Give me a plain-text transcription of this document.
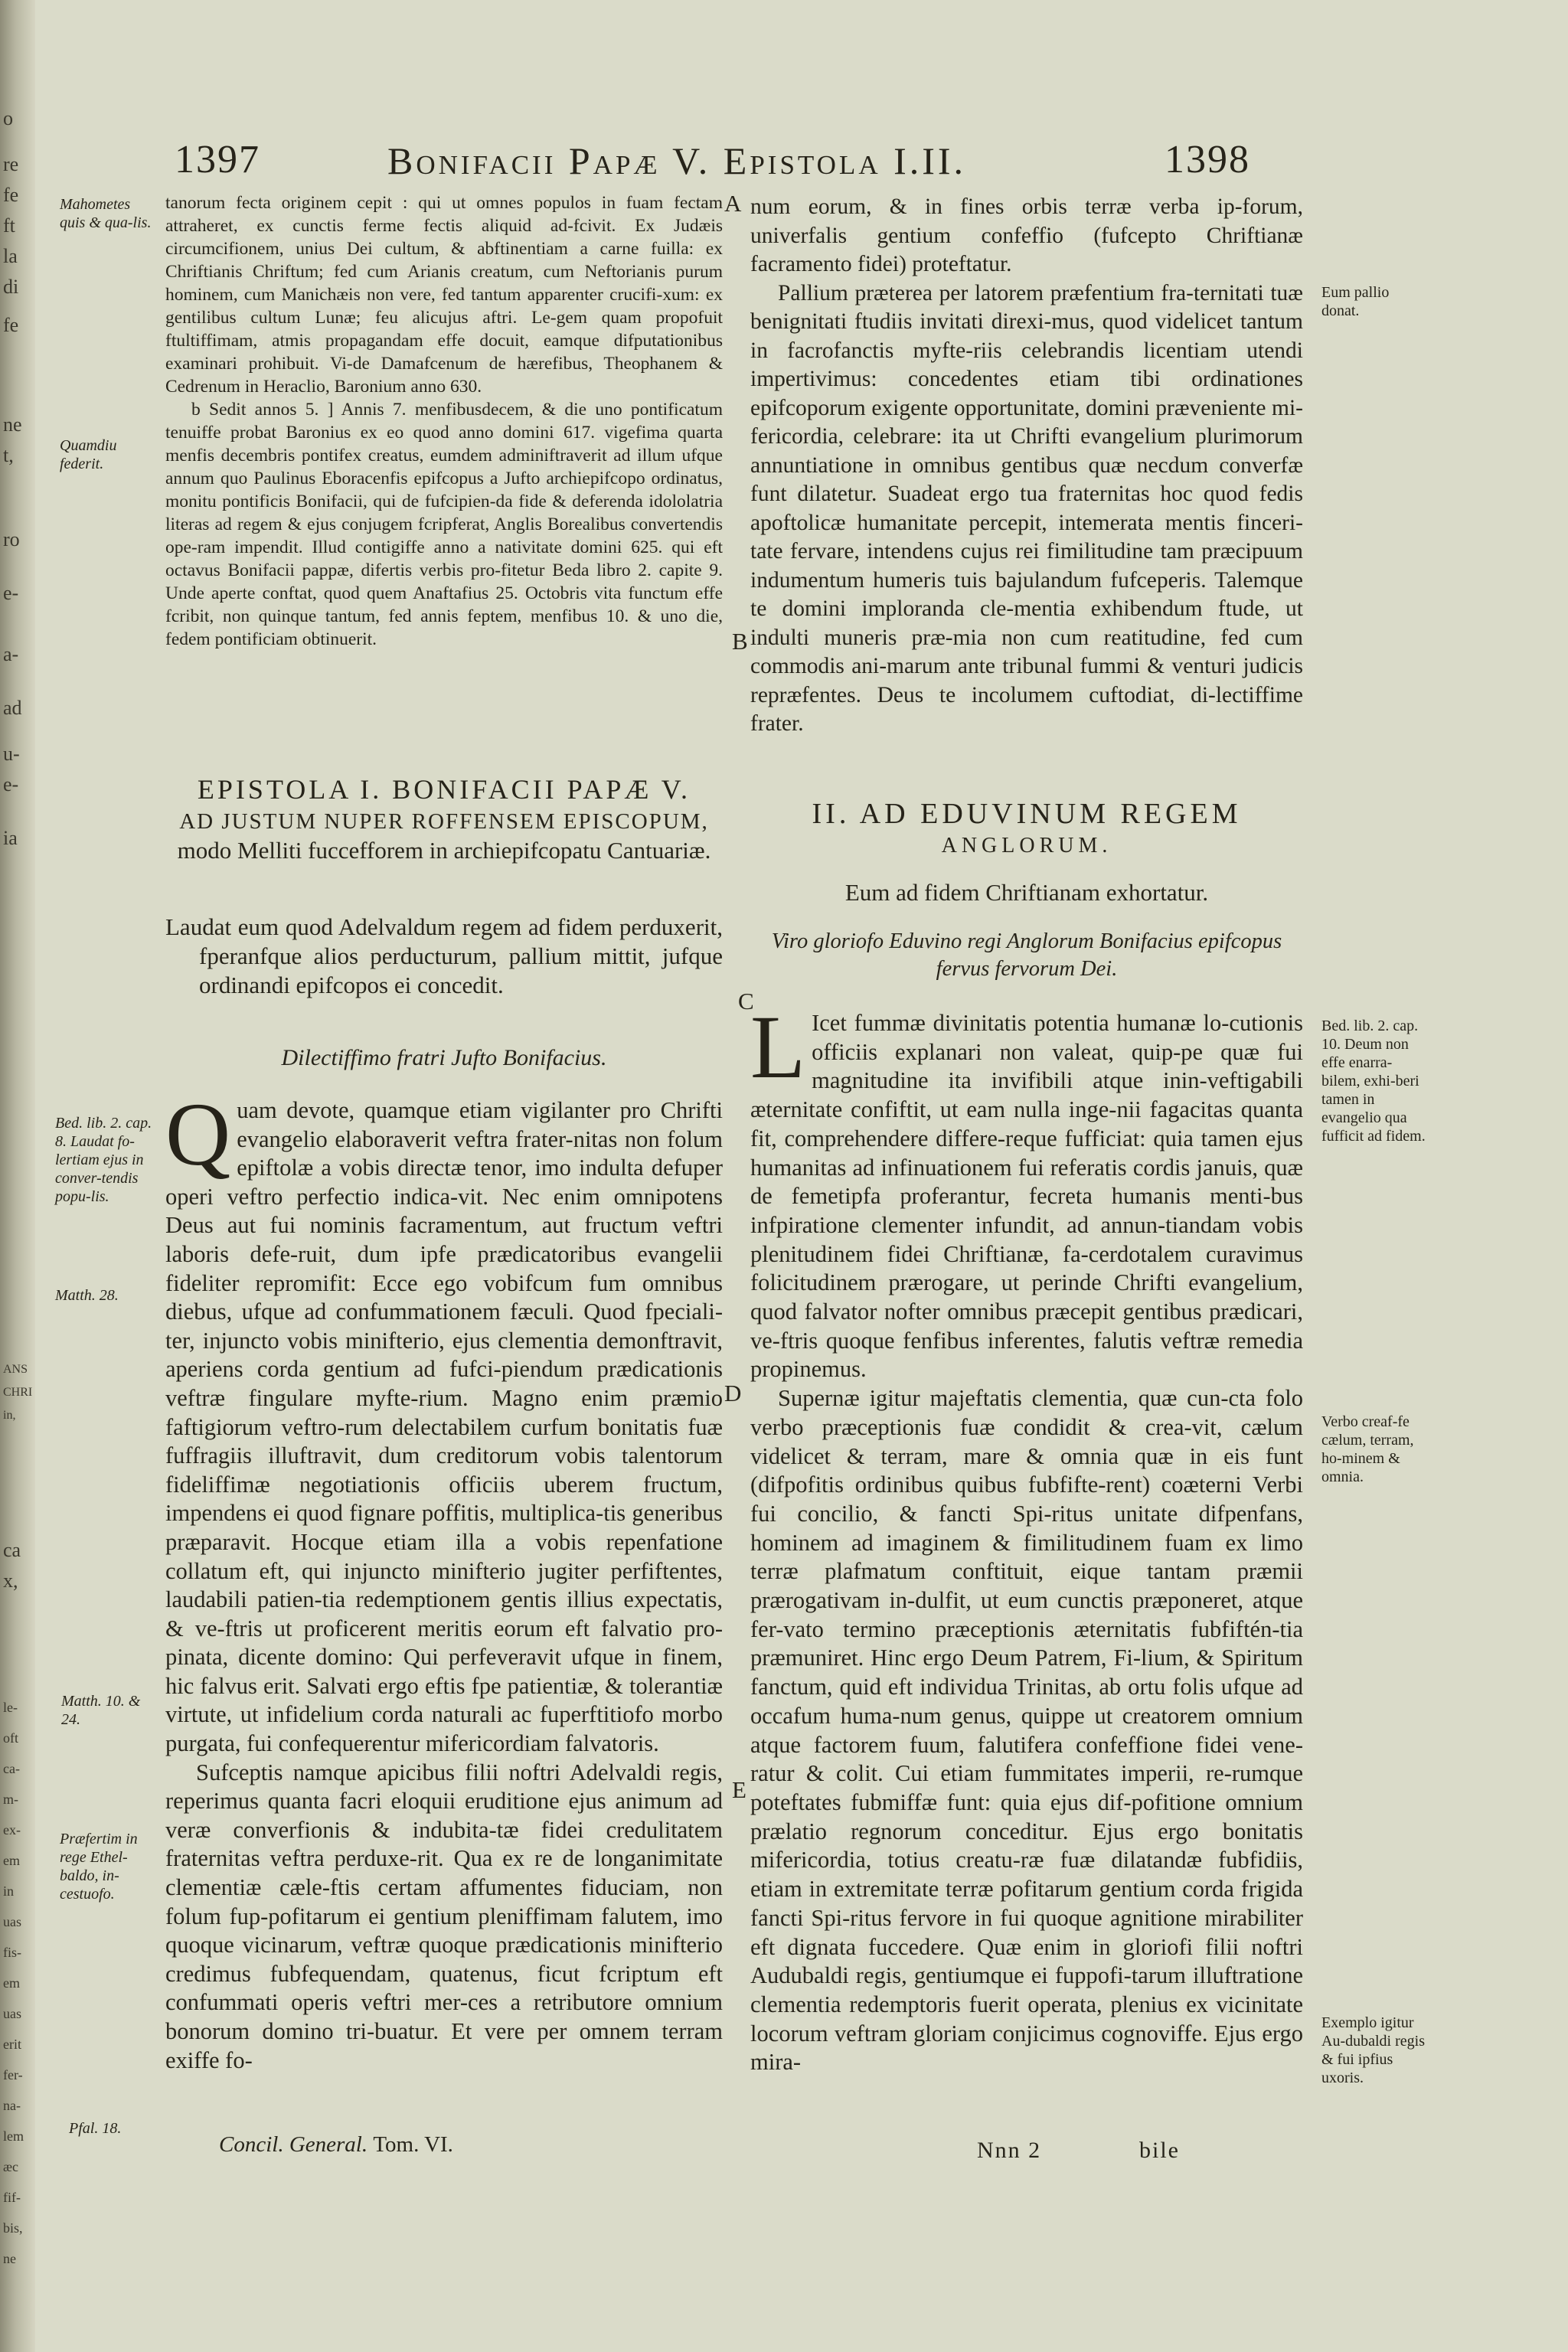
o
re
fe
ft
la
di
fe
ne
t,
ro
e-
a-
ad
u-
e-
ia
ANS
CHRI
in,
ca
x,
le-
oft
ca-
m-
ex-
em
in
uas
fis-
em
uas
erit
fer-
na-
lem
æc
fif-
bis,
ne
1397	Bonifacii Papæ V. Epistola I.II.	1398

tanorum fecta originem cepit : qui ut omnes populos in fuam fectam attraheret, ex cunctis ferme fectis aliquid ad-fcivit. Ex Judæis circumcifionem, unius Dei cultum, & abftinentiam a carne fuilla: ex Chriftianis Chriftum; fed cum Arianis creatum, cum Neftorianis purum hominem, cum Manichæis non vere, fed tantum apparenter crucifi-xum: ex gentilibus cultum Lunæ; feu alicujus aftri. Le-gem quam propofuit ftultiffimam, atmis propagandam effe docuit, eamque difputationibus examinari prohibuit. Vi-de Damafcenum de hærefibus, Theophanem & Cedrenum in Heraclio, Baronium anno 630.

b Sedit annos 5. ] Annis 7. menfibusdecem, & die uno pontificatum tenuiffe probat Baronius ex eo quod anno domini 617. vigefima quarta menfis decembris pontifex creatus, eumdem adminiftraverit ad illum ufque annum quo Paulinus Eboracenfis epifcopus a Jufto archiepifcopo ordinatus, monitu pontificis Bonifacii, qui de fufcipien-da fide & deferenda idololatria literas ad regem & ejus conjugem fcripferat, Anglis Borealibus convertendis ope-ram impendit. Illud contigiffe anno a nativitate domini 625. qui eft octavus Bonifacii pappæ, difertis verbis pro-fitetur Beda libro 2. capite 9. Unde aperte conftat, quod quem Anaftafius 25. Octobris vita functum effe fcribit, non quinque tantum, fed annis feptem, menfibus 10. & uno die, fedem pontificiam obtinuerit.

EPISTOLA I. BONIFACII PAPÆ V.
AD JUSTUM NUPER ROFFENSEM EPISCOPUM,
modo Melliti fuccefforem in archiepifcopatu Cantuariæ.
Laudat eum quod Adelvaldum regem ad fidem perduxerit, fperanfque alios perducturum, pallium mittit, jufque ordinandi epifcopos ei concedit.
Dilectiffimo fratri Jufto Bonifacius.

Q uam devote, quamque etiam vigilanter pro Chrifti evangelio elaboraverit veftra frater-nitas non folum epiftolæ a vobis directæ tenor, imo indulta defuper operi veftro perfectio indica-vit. Nec enim omnipotens Deus aut fui nominis facramentum, aut fructum veftri laboris defe-ruit, dum ipfe prædicatoribus evangelii fideliter repromifit: Ecce ego vobifcum fum omnibus diebus, ufque ad confummationem fæculi. Quod fpeciali-ter, injuncto vobis minifterio, ejus clementia demonftravit, aperiens corda gentium ad fufci-piendum prædicationis veftræ fingulare myfte-rium. Magno enim præmio faftigiorum veftro-rum delectabilem curfum bonitatis fuæ fuffragiis illuftravit, dum creditorum vobis talentorum fideliffimæ negotiationis officiis uberem fructum, impendens ei quod fignare poffitis, multiplica-tis generibus præparavit. Hocque etiam illa a vobis repenfatione collatum eft, qui injuncto minifterio jugiter perfiftentes, laudabili patien-tia redemptionem gentis illius expectatis, & ve-ftris ut proficerent meritis eorum eft falvatio pro-pinata, dicente domino: Qui perfeveravit ufque in finem, hic falvus erit. Salvati ergo eftis fpe patientiæ, & tolerantiæ virtute, ut infidelium corda naturali ac fuperftitiofo morbo purgata, fui confequerentur mifericordiam falvatoris.

Sufceptis namque apicibus filii noftri Adelvaldi regis, reperimus quanta facri eloquii eruditione ejus animum ad veræ converfionis & indubita-tæ fidei credulitatem fraternitas veftra perduxe-rit. Qua ex re de longanimitate clementiæ cæle-ftis certam affumentes fiduciam, non folum fup-pofitarum ei gentium pleniffimam falutem, imo quoque vicinarum, veftræ quoque prædicationis minifterio credimus fubfequendam, quatenus, ficut fcriptum eft confummati operis veftri mer-ces a retributore omnium bonorum domino tri-buatur. Et vere per omnem terram exiffe fo-

Concil. General. Tom. VI.

num eorum, & in fines orbis terræ verba ip-forum, univerfalis gentium confeffio (fufcepto Chriftianæ facramento fidei) proteftatur.

Pallium præterea per latorem præfentium fra-ternitati tuæ benignitati ftudiis invitati direxi-mus, quod videlicet tantum in facrofanctis myfte-riis celebrandis licentiam utendi impertivimus: concedentes etiam tibi ordinationes epifcoporum exigente opportunitate, domini præveniente mi-fericordia, celebrare: ita ut Chrifti evangelium plurimorum annuntiatione in omnibus gentibus quæ necdum converfæ funt dilatetur. Suadeat ergo tua fraternitas hoc quod fedis apoftolicæ humanitate percepit, intemerata mentis finceri-tate fervare, intendens cujus rei fimilitudine tam præcipuum indumentum humeris tuis bajulandum fufceperis. Talemque te domini imploranda cle-mentia exhibendum ftude, ut indulti muneris præ-mia non cum reatitudine, fed cum commodis ani-marum ante tribunal fummi & venturi judicis repræfentes. Deus te incolumem cuftodiat, di-lectiffime frater.

II. AD EDUVINUM REGEM
ANGLORUM.
Eum ad fidem Chriftianam exhortatur.
Viro gloriofo Eduvino regi Anglorum Bonifacius epifcopus fervus fervorum Dei.

L Icet fummæ divinitatis potentia humanæ lo-cutionis officiis explanari non valeat, quip-pe quæ fui magnitudine ita invifibili atque inin-veftigabili æternitate confiftit, ut eam nulla inge-nii fagacitas quanta fit, comprehendere differe-reque fufficiat: quia tamen ejus humanitas ad infinuationem fui referatis cordis januis, quæ de femetipfa proferantur, fecreta humanis menti-bus infpiratione clementer infundit, ad annun-tiandam vobis plenitudinem fidei Chriftianæ, fa-cerdotalem curavimus folicitudinem prærogare, ut perinde Chrifti evangelium, quod falvator nofter omnibus præcepit gentibus prædicari, ve-ftris quoque fenfibus inferentes, falutis veftræ remedia propinemus.

Supernæ igitur majeftatis clementia, quæ cun-cta folo verbo præceptionis fuæ condidit & crea-vit, cælum videlicet & terram, mare & omnia quæ in eis funt (difpofitis ordinibus quibus fubfifte-rent) coæterni Verbi fui concilio, & fancti Spi-ritus unitate difpenfans, hominem ad imaginem & fimilitudinem fuam ex limo terræ plafmatum conftituit, eique tantam præmii prærogativam in-dulfit, ut eum cunctis præponeret, atque fer-vato termino præceptionis æternitatis fubfiftén-tia præmuniret. Hinc ergo Deum Patrem, Fi-lium, & Spiritum fanctum, quid eft individua Trinitas, ab ortu folis ufque ad occafum huma-num genus, quippe ut creatorem omnium atque factorem fuum, falutifera confeffione fidei vene-ratur & colit. Cui etiam fummitates imperii, re-rumque poteftates fubmiffæ funt: quia ejus dif-pofitione omnium prælatio regnorum conceditur. Ejus ergo bonitatis mifericordia, totius creatu-ræ fuæ dilatandæ fubfidiis, etiam in extremitate terræ pofitarum gentium corda frigida fancti Spi-ritus fervore in fui quoque agnitione mirabiliter eft dignata fuccedere. Quæ enim in gloriofi filii noftri Audubaldi regis, gentiumque ei fuppofi-tarum illuftratione clementia redemptoris fuerit operata, plenius ex vicinitate locorum veftram gloriam conjicimus cognoviffe. Ejus ergo mira-

Nnn 2	bile
A
B
C
D
E
Mahometes quis & qua-lis.
Quamdiu federit.
Bed. lib. 2. cap. 8. Laudat fo-lertiam ejus in conver-tendis popu-lis.
Matth. 28.
Matth. 10. & 24.
Præfertim in rege Ethel-baldo, in-cestuofo.
Pfal. 18.
Eum pallio donat.
Bed. lib. 2. cap. 10. Deum non effe enarra-bilem, exhi-beri tamen in evangelio qua fufficit ad fidem.
Verbo creaf-fe cælum, terram, ho-minem & omnia.
Exemplo igitur Au-dubaldi regis & fui ipfius uxoris.
